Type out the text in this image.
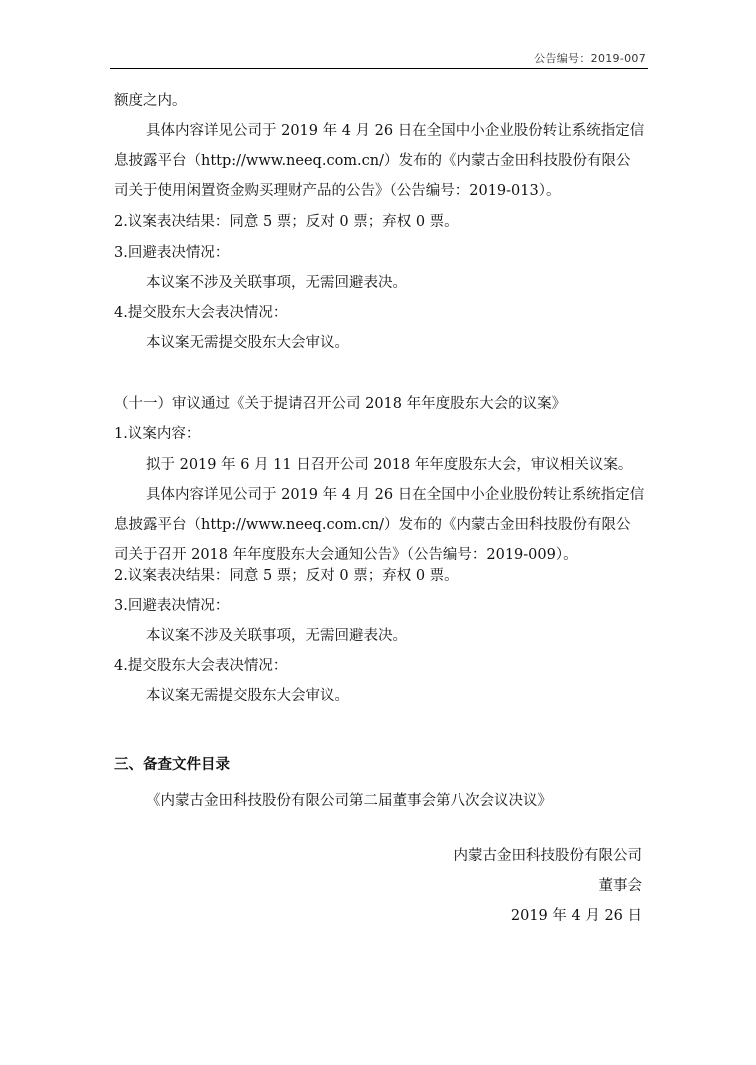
公告编号：2019-007
额度之内。
具体内容详见公司于 2019 年 4 月 26 日在全国中小企业股份转让系统指定信
息披露平台（http://www.neeq.com.cn/）发布的《内蒙古金田科技股份有限公
司关于使用闲置资金购买理财产品的公告》（公告编号：2019-013）。
2.议案表决结果：同意 5 票；反对 0 票；弃权 0 票。
3.回避表决情况：
本议案不涉及关联事项，无需回避表决。
4.提交股东大会表决情况：
本议案无需提交股东大会审议。
（十一）审议通过《关于提请召开公司 2018 年年度股东大会的议案》
1.议案内容：
拟于 2019 年 6 月 11 日召开公司 2018 年年度股东大会，审议相关议案。
具体内容详见公司于 2019 年 4 月 26 日在全国中小企业股份转让系统指定信
息披露平台（http://www.neeq.com.cn/）发布的《内蒙古金田科技股份有限公
司关于召开 2018 年年度股东大会通知公告》（公告编号：2019-009）。
2.议案表决结果：同意 5 票；反对 0 票；弃权 0 票。
3.回避表决情况：
本议案不涉及关联事项，无需回避表决。
4.提交股东大会表决情况：
本议案无需提交股东大会审议。
三、备查文件目录
《内蒙古金田科技股份有限公司第二届董事会第八次会议决议》
内蒙古金田科技股份有限公司
董事会
2019 年 4 月 26 日
